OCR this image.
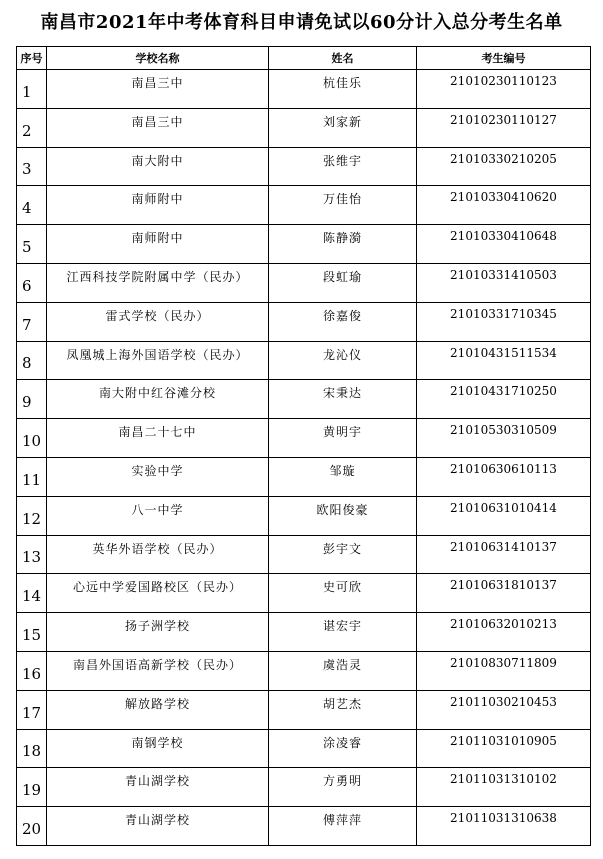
南昌市2021年中考体育科目申请免试以60分计入总分考生名单
序号	学校名称	姓名	考生编号
1	南昌三中	杭佳乐	21010230110123
2	南昌三中	刘家新	21010230110127
3	南大附中	张维宇	21010330210205
4	南师附中	万佳怡	21010330410620
5	南师附中	陈静漪	21010330410648
6	江西科技学院附属中学（民办）	段虹瑜	21010331410503
7	雷式学校（民办）	徐嘉俊	21010331710345
8	凤凰城上海外国语学校（民办）	龙沁仪	21010431511534
9	南大附中红谷滩分校	宋秉达	21010431710250
10	南昌二十七中	黄明宇	21010530310509
11	实验中学	邹璇	21010630610113
12	八一中学	欧阳俊豪	21010631010414
13	英华外语学校（民办）	彭宇文	21010631410137
14	心远中学爱国路校区（民办）	史可欣	21010631810137
15	扬子洲学校	谌宏宇	21010632010213
16	南昌外国语高新学校（民办）	虞浩灵	21010830711809
17	解放路学校	胡艺杰	21011030210453
18	南钢学校	涂凌睿	21011031010905
19	青山湖学校	方勇明	21011031310102
20	青山湖学校	傅萍萍	21011031310638
